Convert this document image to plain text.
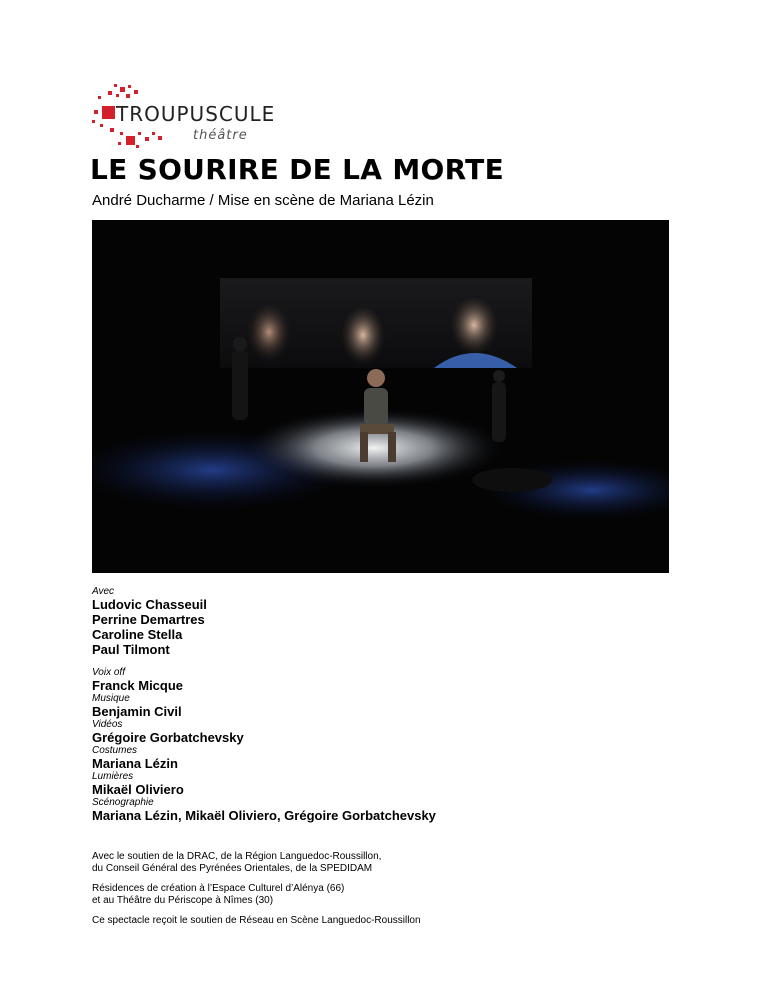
TROUPUSCULE
théâtre
LE SOURIRE DE LA MORTE
André Ducharme / Mise en scène de Mariana Lézin
Avec
Ludovic Chasseuil
Perrine Demartres
Caroline Stella
Paul Tilmont
Voix off
Franck Micque
Musique
Benjamin Civil
Vidéos
Grégoire Gorbatchevsky
Costumes
Mariana Lézin
Lumières
Mikaël Oliviero
Scénographie
Mariana Lézin, Mikaël Oliviero, Grégoire Gorbatchevsky

Avec le soutien de la DRAC, de la Région Languedoc-Roussillon,
du Conseil Général des Pyrénées Orientales, de la SPEDIDAM

Résidences de création à l’Espace Culturel d’Alénya (66)
et au Théâtre du Périscope à Nîmes (30)

Ce spectacle reçoit le soutien de Réseau en Scène Languedoc-Roussillon
